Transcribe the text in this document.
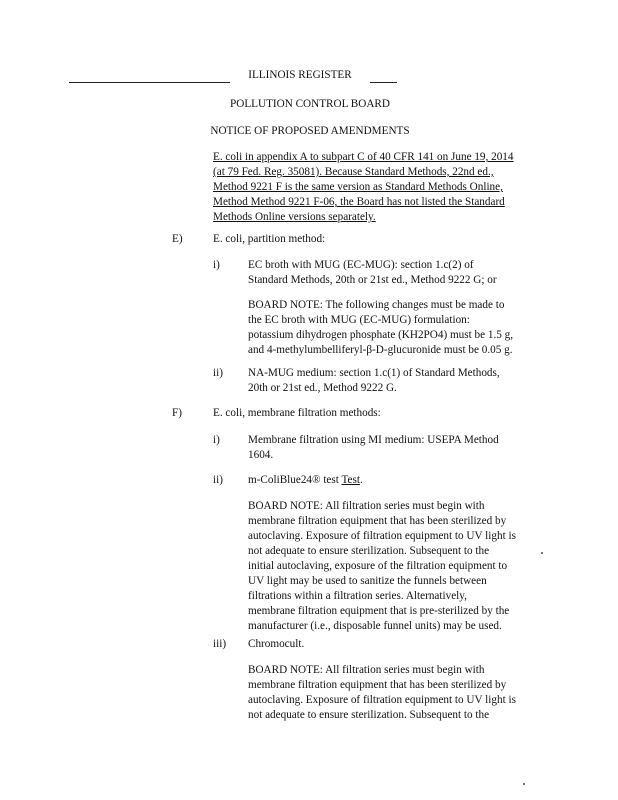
ILLINOIS REGISTER
POLLUTION CONTROL BOARD
NOTICE OF PROPOSED AMENDMENTS
E. coli in appendix A to subpart C of 40 CFR 141 on June 19, 2014
(at 79 Fed. Reg. 35081). Because Standard Methods, 22nd ed.,
Method 9221 F is the same version as Standard Methods Online,
Method Method 9221 F-06, the Board has not listed the Standard
Methods Online versions separately.
E)	E. coli, partition method:
i)	EC broth with MUG (EC-MUG): section 1.c(2) of
Standard Methods, 20th or 21st ed., Method 9222 G; or
BOARD NOTE: The following changes must be made to
the EC broth with MUG (EC-MUG) formulation:
potassium dihydrogen phosphate (KH2PO4) must be 1.5 g,
and 4-methylumbelliferyl-β-D-glucuronide must be 0.05 g.
ii) NA-MUG medium: section 1.c(1) of Standard Methods,
20th or 21st ed., Method 9222 G.
F)	E. coli, membrane filtration methods:
i)	Membrane filtration using MI medium: USEPA Method
1604.
ii) m-ColiBlue24® test Test.
BOARD NOTE: All filtration series must begin with
membrane filtration equipment that has been sterilized by
autoclaving. Exposure of filtration equipment to UV light is
not adequate to ensure sterilization. Subsequent to the
initial autoclaving, exposure of the filtration equipment to
UV light may be used to sanitize the funnels between
filtrations within a filtration series. Alternatively,
membrane filtration equipment that is pre-sterilized by the
manufacturer (i.e., disposable funnel units) may be used.
iii) Chromocult.
BOARD NOTE: All filtration series must begin with
membrane filtration equipment that has been sterilized by
autoclaving. Exposure of filtration equipment to UV light is
not adequate to ensure sterilization. Subsequent to the
